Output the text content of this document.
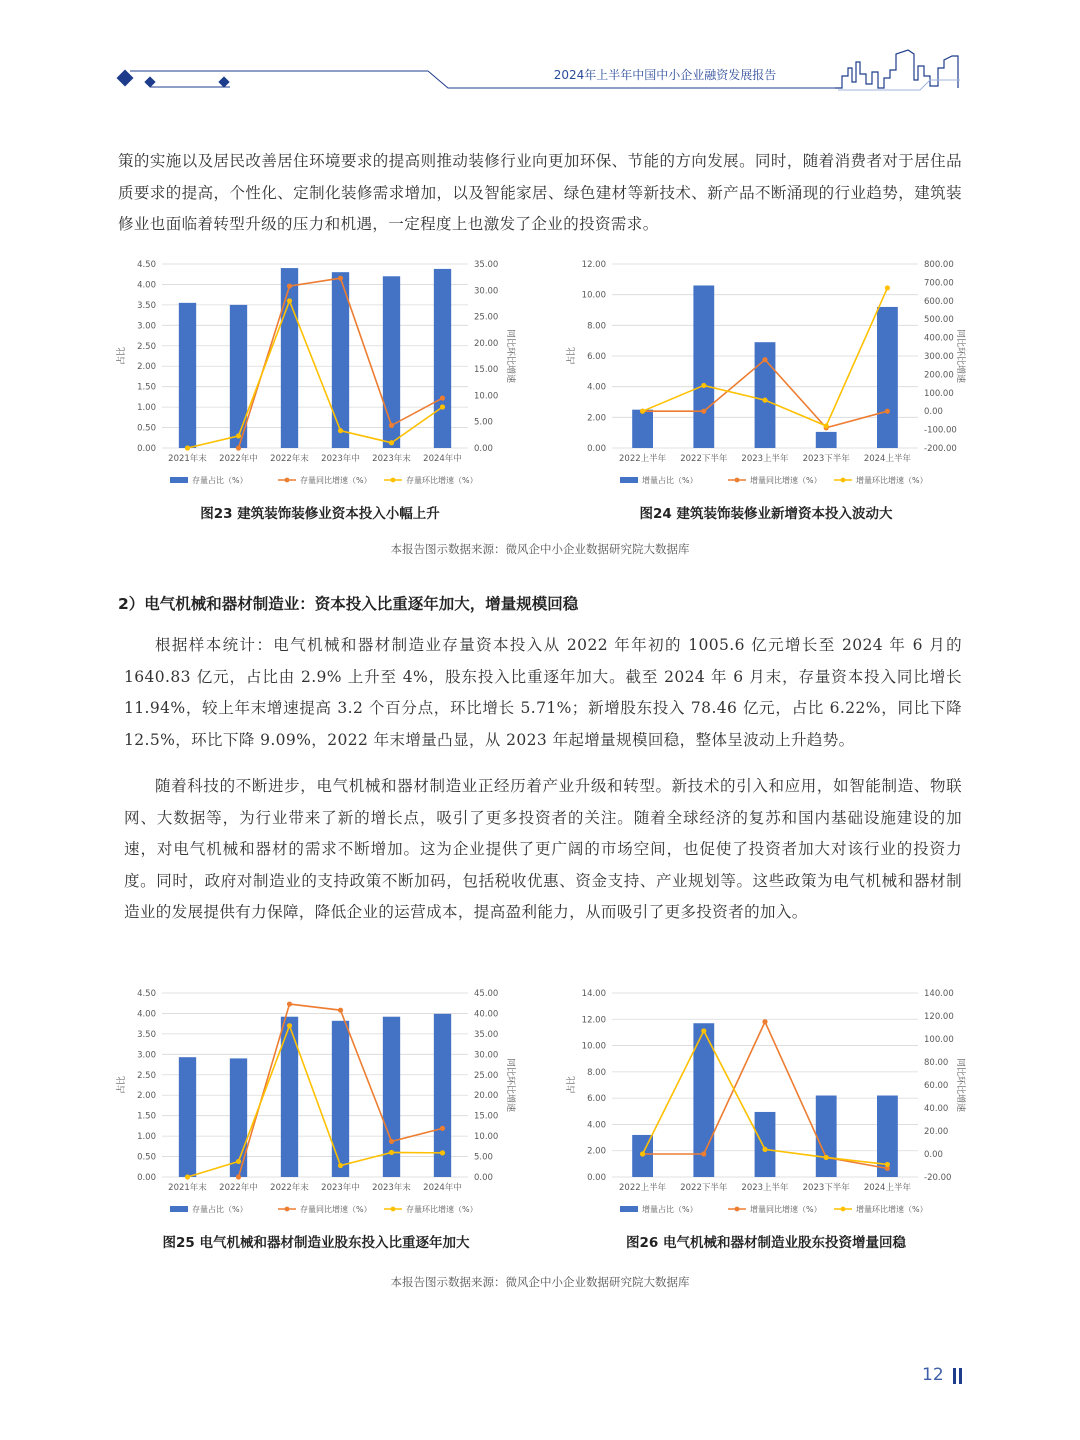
2024年上半年中国中小企业融资发展报告

策的实施以及居民改善居住环境要求的提高则推动装修行业向更加环保、节能的方向发展。同时，随着消费者对于居住品质要求的提高，个性化、定制化装修需求增加，以及智能家居、绿色建材等新技术、新产品不断涌现的行业趋势，建筑装修业也面临着转型升级的压力和机遇，一定程度上也激发了企业的投资需求。

0.00
0.50
1.00
1.50
2.00
2.50
3.00
3.50
4.00
4.50
0.00
5.00
10.00
15.00
20.00
25.00
30.00
35.00
占比	同比环比增速
2021年末 2022年中 2022年末 2023年中 2023年末 2024年中
存量占比（%）	存量同比增速（%）	存量环比增速（%）
图23 建筑装饰装修业资本投入小幅上升
0.00
2.00
4.00
6.00
8.00
10.00
12.00
-200.00
-100.00
0.00
100.00
200.00
300.00
400.00
500.00
600.00
700.00
800.00
占比	同比环比增速
2022上半年 2022下半年 2023上半年 2023下半年 2024上半年
增量占比（%）	增量同比增速（%）	增量环比增速（%）
图24 建筑装饰装修业新增资本投入波动大
本报告图示数据来源：微风企中小企业数据研究院大数据库
2）电气机械和器材制造业：资本投入比重逐年加大，增量规模回稳

根据样本统计：电气机械和器材制造业存量资本投入从 2022 年年初的 1005.6 亿元增长至 2024 年 6 月的 1640.83 亿元，占比由 2.9% 上升至 4%，股东投入比重逐年加大。截至 2024 年 6 月末，存量资本投入同比增长 11.94%，较上年末增速提高 3.2 个百分点，环比增长 5.71%；新增股东投入 78.46 亿元，占比 6.22%，同比下降 12.5%，环比下降 9.09%，2022 年末增量凸显，从 2023 年起增量规模回稳，整体呈波动上升趋势。

随着科技的不断进步，电气机械和器材制造业正经历着产业升级和转型。新技术的引入和应用，如智能制造、物联网、大数据等，为行业带来了新的增长点，吸引了更多投资者的关注。随着全球经济的复苏和国内基础设施建设的加速，对电气机械和器材的需求不断增加。这为企业提供了更广阔的市场空间，也促使了投资者加大对该行业的投资力度。同时，政府对制造业的支持政策不断加码，包括税收优惠、资金支持、产业规划等。这些政策为电气机械和器材制造业的发展提供有力保障，降低企业的运营成本，提高盈利能力，从而吸引了更多投资者的加入。

0.00
0.50
1.00
1.50
2.00
2.50
3.00
3.50
4.00
4.50
0.00
5.00
10.00
15.00
20.00
25.00
30.00
35.00
40.00
45.00
占比	同比环比增速
2021年末 2022年中 2022年末 2023年中 2023年末 2024年中
存量占比（%）	存量同比增速（%）	存量环比增速（%）
图25 电气机械和器材制造业股东投入比重逐年加大
0.00
2.00
4.00
6.00
8.00
10.00
12.00
14.00
-20.00
0.00
20.00
40.00
60.00
80.00
100.00
120.00
140.00
占比	同比环比增速
2022上半年 2022下半年 2023上半年 2023下半年 2024上半年
增量占比（%）	增量同比增速（%）	增量环比增速（%）
图26 电气机械和器材制造业股东投资增量回稳
本报告图示数据来源：微风企中小企业数据研究院大数据库
12
